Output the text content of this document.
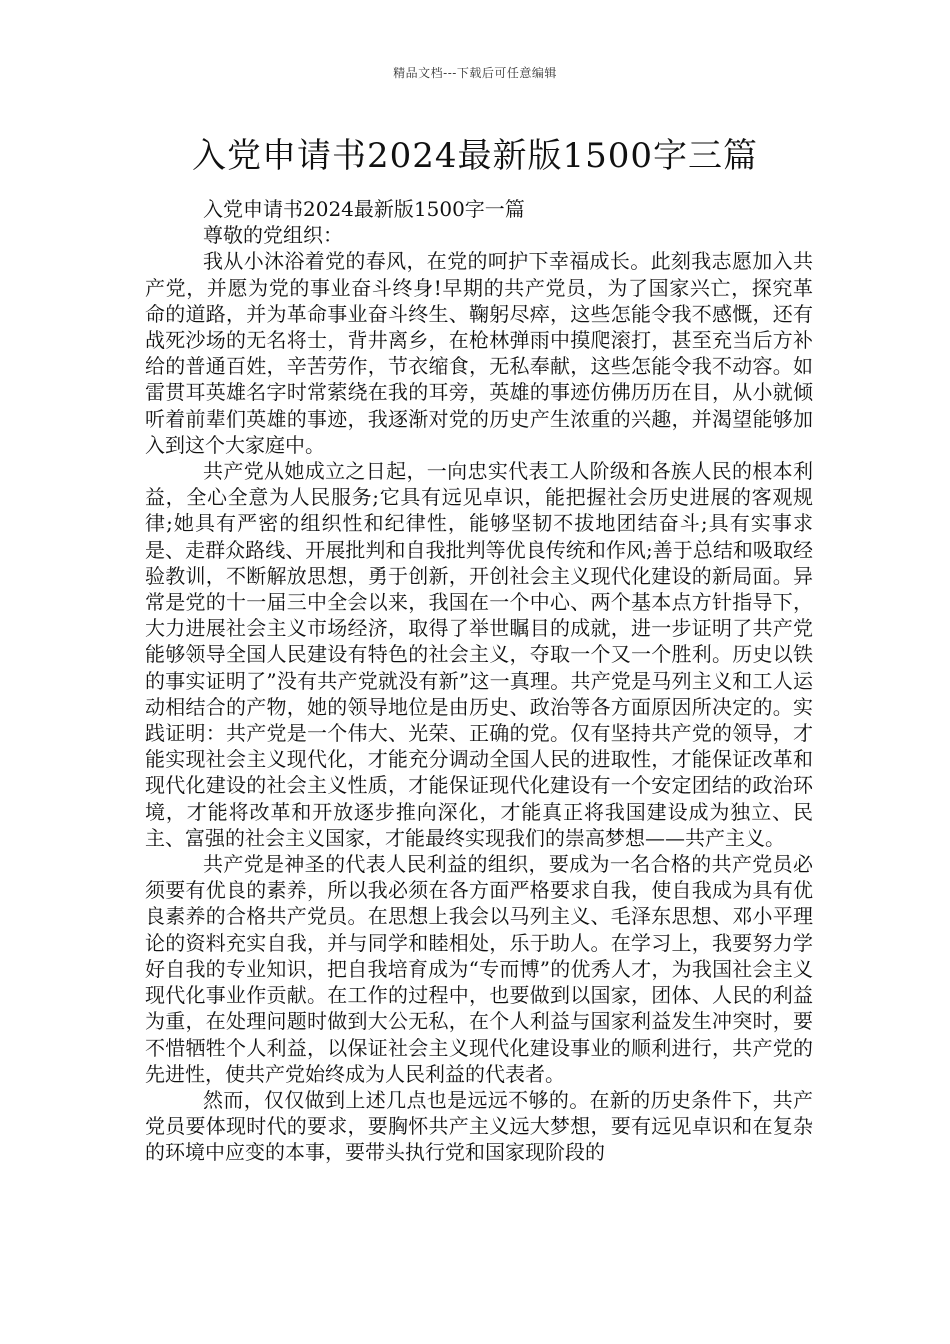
精品文档---下载后可任意编辑
入党申请书2024最新版1500字三篇

入党申请书2024最新版1500字一篇

尊敬的党组织：

我从小沐浴着党的春风，在党的呵护下幸福成长。此刻我志愿加入共产党，并愿为党的事业奋斗终身!早期的共产党员，为了国家兴亡，探究革命的道路，并为革命事业奋斗终生、鞠躬尽瘁，这些怎能令我不感慨，还有战死沙场的无名将士，背井离乡，在枪林弹雨中摸爬滚打，甚至充当后方补给的普通百姓，辛苦劳作，节衣缩食，无私奉献，这些怎能令我不动容。如雷贯耳英雄名字时常萦绕在我的耳旁，英雄的事迹仿佛历历在目，从小就倾听着前辈们英雄的事迹，我逐渐对党的历史产生浓重的兴趣，并渴望能够加入到这个大家庭中。

共产党从她成立之日起，一向忠实代表工人阶级和各族人民的根本利益，全心全意为人民服务;它具有远见卓识，能把握社会历史进展的客观规律;她具有严密的组织性和纪律性，能够坚韧不拔地团结奋斗;具有实事求是、走群众路线、开展批判和自我批判等优良传统和作风;善于总结和吸取经验教训，不断解放思想，勇于创新，开创社会主义现代化建设的新局面。异常是党的十一届三中全会以来，我国在一个中心、两个基本点方针指导下，大力进展社会主义市场经济，取得了举世瞩目的成就，进一步证明了共产党能够领导全国人民建设有特色的社会主义，夺取一个又一个胜利。历史以铁的事实证明了”没有共产党就没有新”这一真理。共产党是马列主义和工人运动相结合的产物，她的领导地位是由历史、政治等各方面原因所决定的。实践证明：共产党是一个伟大、光荣、正确的党。仅有坚持共产党的领导，才能实现社会主义现代化，才能充分调动全国人民的进取性，才能保证改革和现代化建设的社会主义性质，才能保证现代化建设有一个安定团结的政治环境，才能将改革和开放逐步推向深化，才能真正将我国建设成为独立、民主、富强的社会主义国家，才能最终实现我们的崇高梦想——共产主义。

共产党是神圣的代表人民利益的组织，要成为一名合格的共产党员必须要有优良的素养，所以我必须在各方面严格要求自我，使自我成为具有优良素养的合格共产党员。在思想上我会以马列主义、毛泽东思想、邓小平理论的资料充实自我，并与同学和睦相处，乐于助人。在学习上，我要努力学好自我的专业知识，把自我培育成为“专而博”的优秀人才，为我国社会主义现代化事业作贡献。在工作的过程中，也要做到以国家，团体、人民的利益为重，在处理问题时做到大公无私，在个人利益与国家利益发生冲突时，要不惜牺牲个人利益，以保证社会主义现代化建设事业的顺利进行，共产党的先进性，使共产党始终成为人民利益的代表者。

然而，仅仅做到上述几点也是远远不够的。在新的历史条件下，共产党员要体现时代的要求，要胸怀共产主义远大梦想，要有远见卓识和在复杂的环境中应变的本事，要带头执行党和国家现阶段的
